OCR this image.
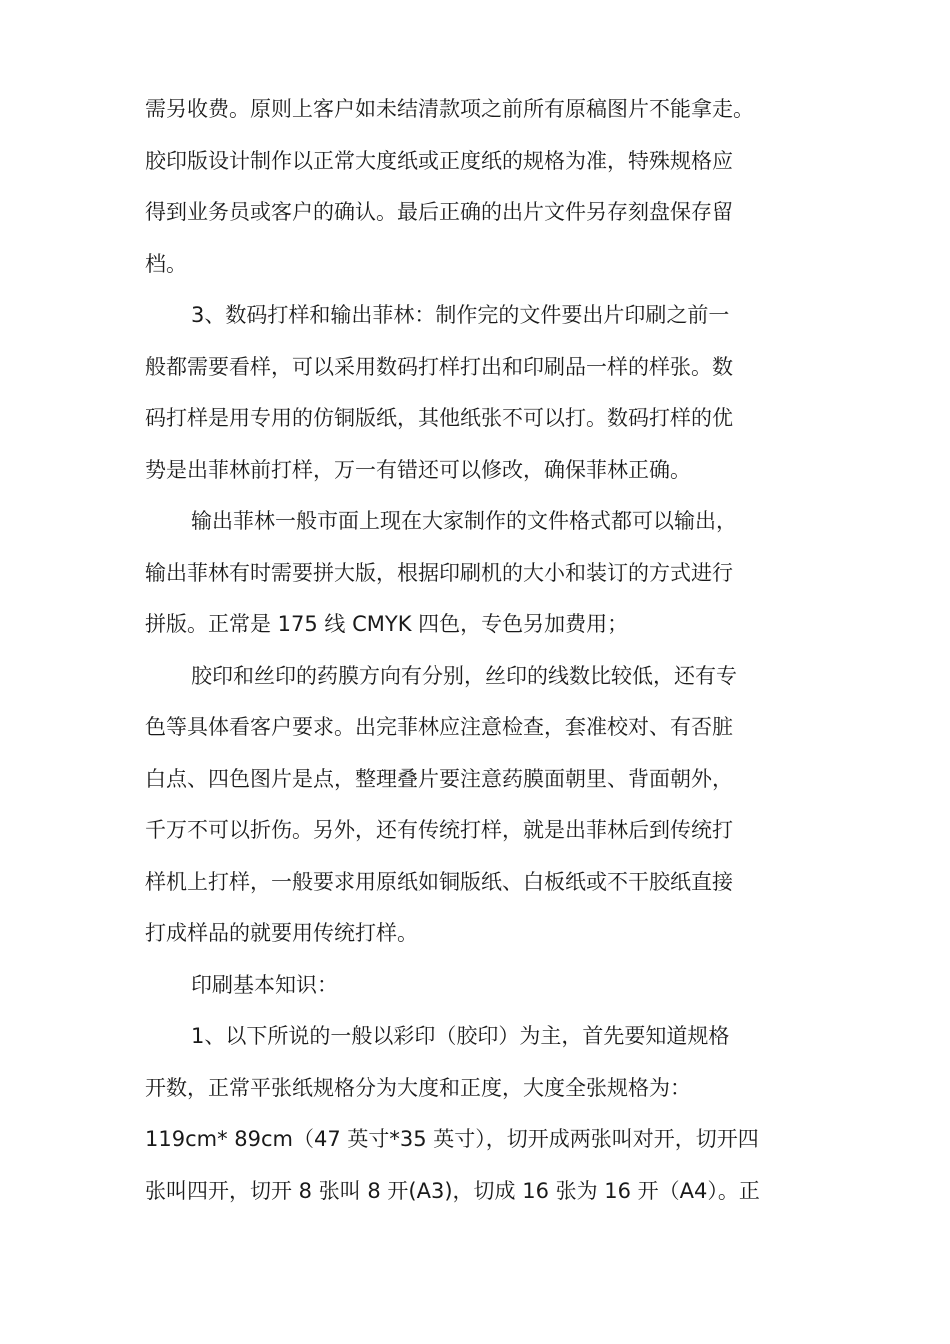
需另收费。原则上客户如未结清款项之前所有原稿图片不能拿走。
胶印版设计制作以正常大度纸或正度纸的规格为准，特殊规格应
得到业务员或客户的确认。最后正确的出片文件另存刻盘保存留
档。
3、数码打样和输出菲林：制作完的文件要出片印刷之前一
般都需要看样，可以采用数码打样打出和印刷品一样的样张。数
码打样是用专用的仿铜版纸，其他纸张不可以打。数码打样的优
势是出菲林前打样，万一有错还可以修改，确保菲林正确。
输出菲林一般市面上现在大家制作的文件格式都可以输出，
输出菲林有时需要拼大版，根据印刷机的大小和装订的方式进行
拼版。正常是 175 线 CMYK 四色，专色另加费用；
胶印和丝印的药膜方向有分别，丝印的线数比较低，还有专
色等具体看客户要求。出完菲林应注意检查，套准校对、有否脏
白点、四色图片是点，整理叠片要注意药膜面朝里、背面朝外，
千万不可以折伤。另外，还有传统打样，就是出菲林后到传统打
样机上打样，一般要求用原纸如铜版纸、白板纸或不干胶纸直接
打成样品的就要用传统打样。
印刷基本知识：
1、以下所说的一般以彩印（胶印）为主，首先要知道规格
开数，正常平张纸规格分为大度和正度，大度全张规格为：
119cm* 89cm（47 英寸*35 英寸），切开成两张叫对开，切开四
张叫四开，切开 8 张叫 8 开(A3)，切成 16 张为 16 开（A4）。正
